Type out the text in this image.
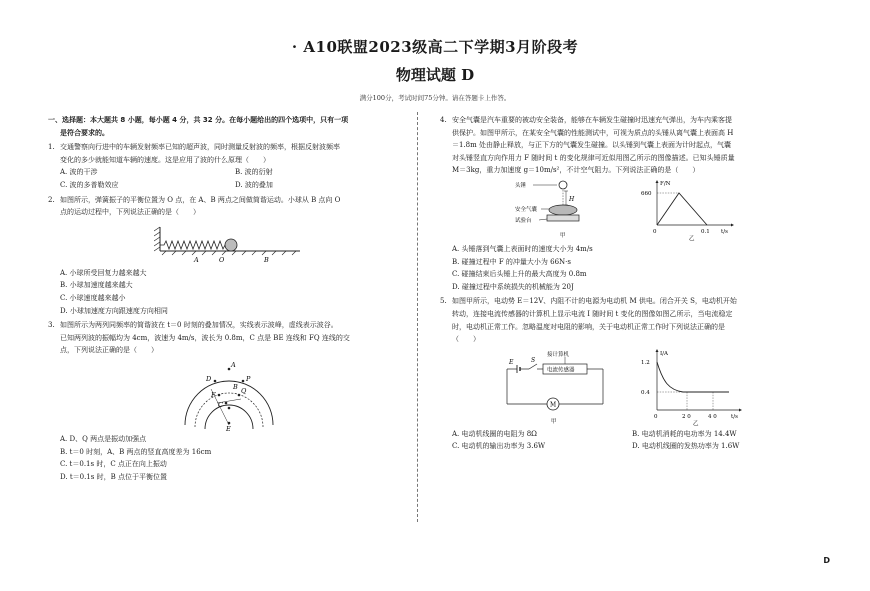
· A10联盟2023级高二下学期3月阶段考
物理试题 D
满分100分，考试时间75分钟。请在答题卡上作答。
一、选择题：本大题共 8 小题，每小题 4 分，共 32 分。在每小题给出的四个选项中，只有一项
是符合要求的。
1. 交通警察向行进中的车辆发射频率已知的超声波，同时测量反射波的频率，根据反射波频率
变化的多少就能知道车辆的速度。这是应用了波的什么原理（　　）
A. 波的干涉	B. 波的衍射
C. 波的多普勒效应	D. 波的叠加
2. 如图所示，弹簧振子的平衡位置为 O 点，在 A、B 两点之间做简谐运动。小球从 B 点向 O
点的运动过程中，下列说法正确的是（　　）
A	O	B
A. 小球所受回复力越来越大
B. 小球加速度越来越大
C. 小球速度越来越小
D. 小球加速度方向跟速度方向相同
3. 如图所示为两列同频率的简谐波在 t＝0 时刻的叠加情况，实线表示波峰，虚线表示波谷。
已知两列波的振幅均为 4cm，波速为 4m/s，波长为 0.8m，C 点是 BE 连线和 FQ 连线的交
点，下列说法正确的是（　　）
A
D	P
F	Q
B
C
E
A. D、Q 两点是振动加强点
B. t＝0 时刻，A、B 两点的竖直高度差为 16cm
C. t＝0.1s 时，C 点正在向上振动
D. t＝0.1s 时，B 点位于平衡位置
4. 安全气囊是汽车重要的被动安全装备，能够在车辆发生碰撞时迅速充气弹出，为车内乘客提
供保护。如图甲所示，在某安全气囊的性能测试中，可视为质点的头锤从离气囊上表面高 H
＝1.8m 处由静止释放，与正下方的气囊发生碰撞。以头锤到气囊上表面为计时起点，气囊
对头锤竖直方向作用力 F 随时间 t 的变化规律可近似用图乙所示的图像描述。已知头锤质量
M＝3kg，重力加速度 g＝10m/s²，不计空气阻力。下列说法正确的是（　　）
头锤
H
安全气囊
试验台
甲
F/N
660
0	0.1 t/s
乙
A. 头锤落到气囊上表面时的速度大小为 4m/s
B. 碰撞过程中 F 的冲量大小为 66N·s
C. 碰撞结束后头锤上升的最大高度为 0.8m
D. 碰撞过程中系统损失的机械能为 20J
5. 如图甲所示，电动势 E＝12V、内阻不计的电源为电动机 M 供电。闭合开关 S，电动机开始
转动，连接电流传感器的计算机上显示电流 I 随时间 t 变化的图像如图乙所示，当电流稳定
时，电动机正常工作。忽略温度对电阻的影响，关于电动机正常工作时下列说法正确的是
（　　）
接计算机
电流传感器
E	S
M
甲
I/A
1.2
0.4
0	2 0	4 0	t/s
乙
A. 电动机线圈的电阻为 8Ω	B. 电动机消耗的电功率为 14.4W
C. 电动机的输出功率为 3.6W	D. 电动机线圈的发热功率为 1.6W
D
